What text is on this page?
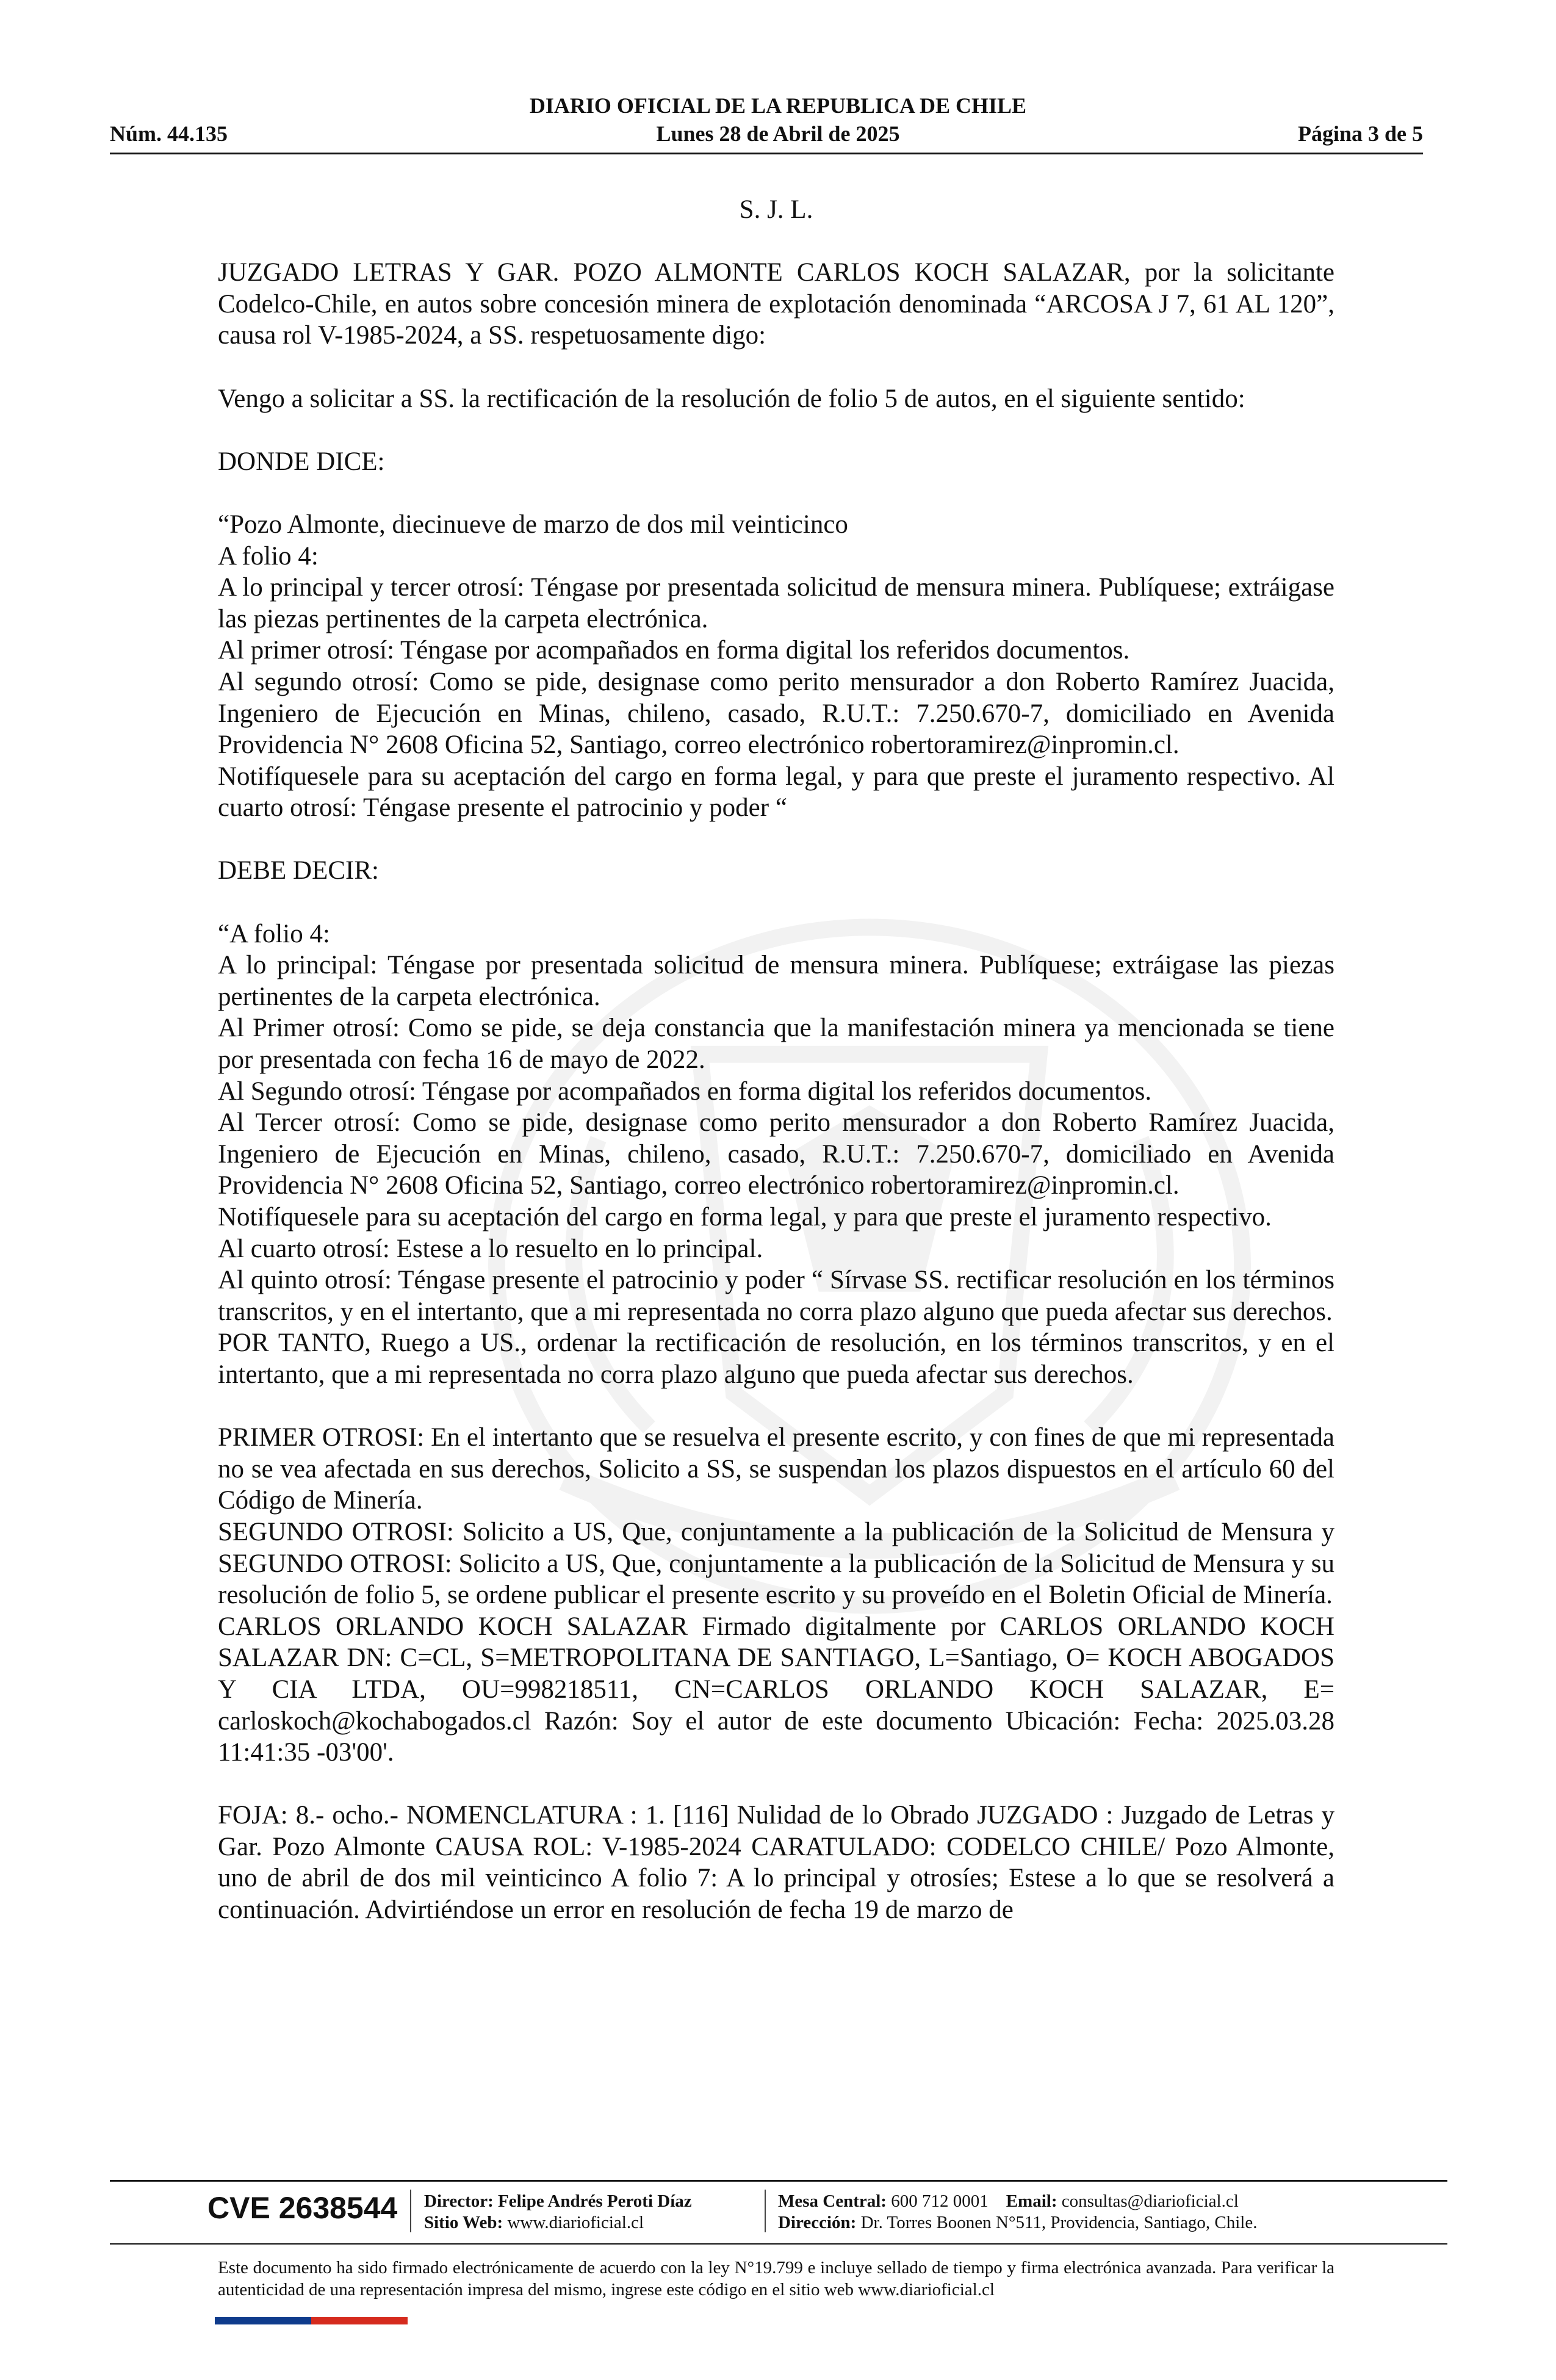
DIARIO OFICIAL DE LA REPUBLICA DE CHILE
Núm. 44.135	Lunes 28 de Abril de 2025	Página 3 de 5

S. J. L.

JUZGADO LETRAS Y GAR. POZO ALMONTE CARLOS KOCH SALAZAR, por la solicitante Codelco-Chile, en autos sobre concesión minera de explotación denominada “ARCOSA J 7, 61 AL 120”, causa rol V-1985-2024, a SS. respetuosamente digo:

Vengo a solicitar a SS. la rectificación de la resolución de folio 5 de autos, en el siguiente sentido:

DONDE DICE:

“Pozo Almonte, diecinueve de marzo de dos mil veinticinco

A folio 4:

A lo principal y tercer otrosí: Téngase por presentada solicitud de mensura minera. Publíquese; extráigase las piezas pertinentes de la carpeta electrónica.

Al primer otrosí: Téngase por acompañados en forma digital los referidos documentos.

Al segundo otrosí: Como se pide, designase como perito mensurador a don Roberto Ramírez Juacida, Ingeniero de Ejecución en Minas, chileno, casado, R.U.T.: 7.250.670-7, domiciliado en Avenida Providencia N° 2608 Oficina 52, Santiago, correo electrónico robertoramirez@inpromin.cl.

Notifíquesele para su aceptación del cargo en forma legal, y para que preste el juramento respectivo. Al cuarto otrosí: Téngase presente el patrocinio y poder “

DEBE DECIR:

“A folio 4:

A lo principal: Téngase por presentada solicitud de mensura minera. Publíquese; extráigase las piezas pertinentes de la carpeta electrónica.

Al Primer otrosí: Como se pide, se deja constancia que la manifestación minera ya mencionada se tiene por presentada con fecha 16 de mayo de 2022.

Al Segundo otrosí: Téngase por acompañados en forma digital los referidos documentos.

Al Tercer otrosí: Como se pide, designase como perito mensurador a don Roberto Ramírez Juacida, Ingeniero de Ejecución en Minas, chileno, casado, R.U.T.: 7.250.670-7, domiciliado en Avenida Providencia N° 2608 Oficina 52, Santiago, correo electrónico robertoramirez@inpromin.cl.

Notifíquesele para su aceptación del cargo en forma legal, y para que preste el juramento respectivo.

Al cuarto otrosí: Estese a lo resuelto en lo principal.

Al quinto otrosí: Téngase presente el patrocinio y poder “ Sírvase SS. rectificar resolución en los términos transcritos, y en el intertanto, que a mi representada no corra plazo alguno que pueda afectar sus derechos.

POR TANTO, Ruego a US., ordenar la rectificación de resolución, en los términos transcritos, y en el intertanto, que a mi representada no corra plazo alguno que pueda afectar sus derechos.

PRIMER OTROSI: En el intertanto que se resuelva el presente escrito, y con fines de que mi representada no se vea afectada en sus derechos, Solicito a SS, se suspendan los plazos dispuestos en el artículo 60 del Código de Minería.

SEGUNDO OTROSI: Solicito a US, Que, conjuntamente a la publicación de la Solicitud de Mensura y SEGUNDO OTROSI: Solicito a US, Que, conjuntamente a la publicación de la Solicitud de Mensura y su resolución de folio 5, se ordene publicar el presente escrito y su proveído en el Boletin Oficial de Minería.

CARLOS ORLANDO KOCH SALAZAR Firmado digitalmente por CARLOS ORLANDO KOCH SALAZAR DN: C=CL, S=METROPOLITANA DE SANTIAGO, L=Santiago, O= KOCH ABOGADOS Y CIA LTDA, OU=998218511, CN=CARLOS ORLANDO KOCH SALAZAR, E= carloskoch@kochabogados.cl Razón: Soy el autor de este documento Ubicación: Fecha: 2025.03.28 11:41:35 -03'00'.

FOJA: 8.- ocho.- NOMENCLATURA : 1. [116] Nulidad de lo Obrado JUZGADO : Juzgado de Letras y Gar. Pozo Almonte CAUSA ROL: V-1985-2024 CARATULADO: CODELCO CHILE/ Pozo Almonte, uno de abril de dos mil veinticinco A folio 7: A lo principal y otrosíes; Estese a lo que se resolverá a continuación. Advirtiéndose un error en resolución de fecha 19 de marzo de

CVE 2638544 Director: Felipe Andrés Peroti Díaz
Sitio Web: www.diarioficial.cl
Mesa Central: 600 712 0001 Email: consultas@diarioficial.cl
Dirección: Dr. Torres Boonen N°511, Providencia, Santiago, Chile.
Este documento ha sido firmado electrónicamente de acuerdo con la ley N°19.799 e incluye sellado de tiempo y firma electrónica avanzada. Para verificar la autenticidad de una representación impresa del mismo, ingrese este código en el sitio web www.diarioficial.cl
